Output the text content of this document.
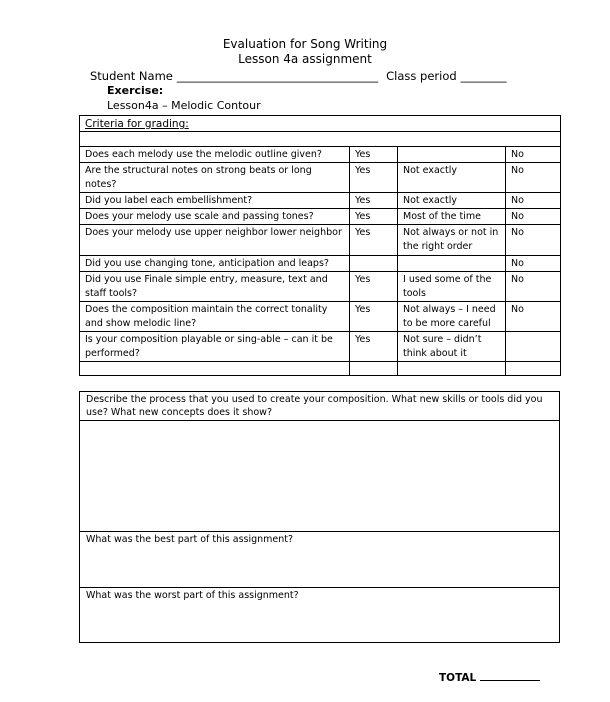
Evaluation for Song Writing
Lesson 4a assignment
Student Name ___________________________________ Class period ________
Exercise:
Lesson4a – Melodic Contour
Criteria for grading:			

Does each melody use the melodic outline given?	Yes		No
Are the structural notes on strong beats or long notes?	Yes	Not exactly	No
Did you label each embellishment?	Yes	Not exactly	No
Does your melody use scale and passing tones?	Yes	Most of the time	No
Does your melody use upper neighbor lower neighbor	Yes	Not always or not in the right order	No
Did you use changing tone, anticipation and leaps?			No
Did you use Finale simple entry, measure, text and staff tools?	Yes	I used some of the tools	No
Does the composition maintain the correct tonality and show melodic line?	Yes	Not always – I need to be more careful	No
Is your composition playable or sing-able – can it be performed?	Yes	Not sure – didn’t think about it	

Describe the process that you used to create your composition. What new skills or tools did you use? What new concepts does it show?

What was the best part of this assignment?
What was the worst part of this assignment?
TOTAL
